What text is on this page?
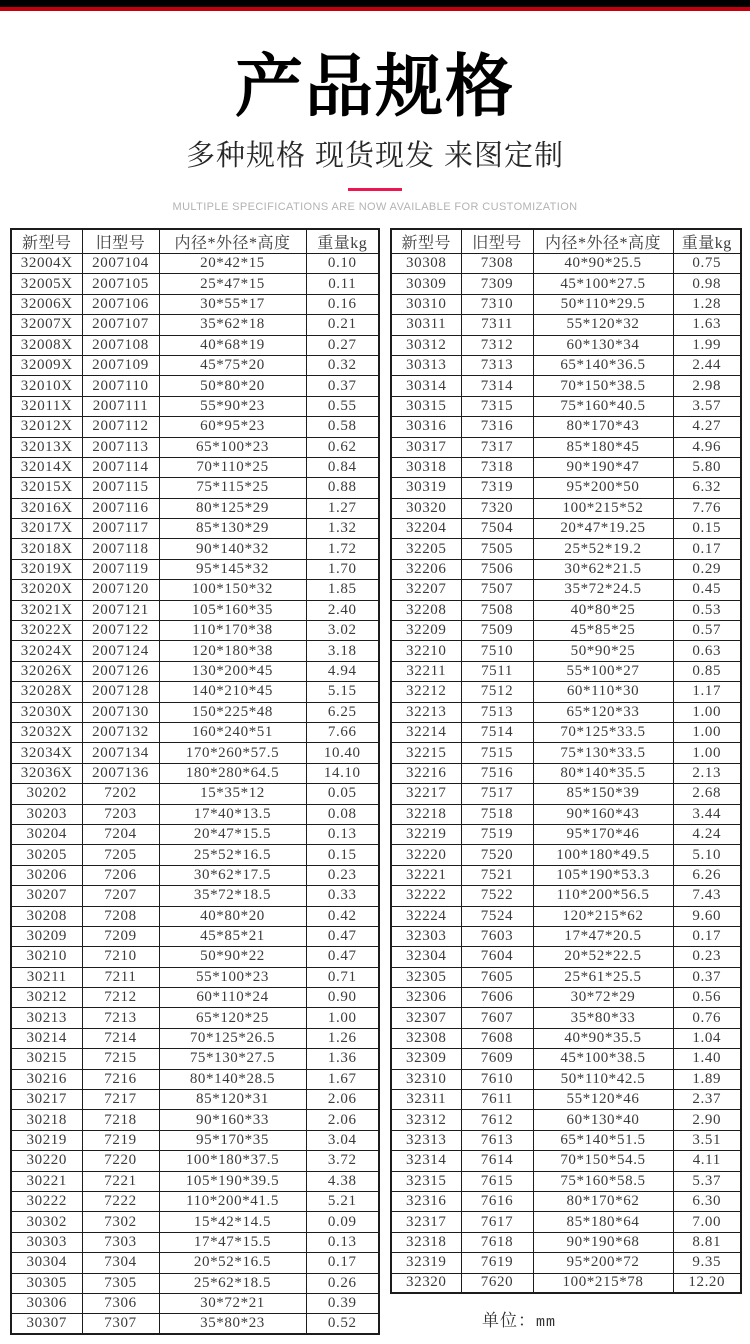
产品规格
多种规格 现货现发 来图定制
MULTIPLE SPECIFICATIONS ARE NOW AVAILABLE FOR CUSTOMIZATION
新型号	旧型号	内径*外径*高度	重量kg
32004X	2007104	20*42*15	0.10
32005X	2007105	25*47*15	0.11
32006X	2007106	30*55*17	0.16
32007X	2007107	35*62*18	0.21
32008X	2007108	40*68*19	0.27
32009X	2007109	45*75*20	0.32
32010X	2007110	50*80*20	0.37
32011X	2007111	55*90*23	0.55
32012X	2007112	60*95*23	0.58
32013X	2007113	65*100*23	0.62
32014X	2007114	70*110*25	0.84
32015X	2007115	75*115*25	0.88
32016X	2007116	80*125*29	1.27
32017X	2007117	85*130*29	1.32
32018X	2007118	90*140*32	1.72
32019X	2007119	95*145*32	1.70
32020X	2007120	100*150*32	1.85
32021X	2007121	105*160*35	2.40
32022X	2007122	110*170*38	3.02
32024X	2007124	120*180*38	3.18
32026X	2007126	130*200*45	4.94
32028X	2007128	140*210*45	5.15
32030X	2007130	150*225*48	6.25
32032X	2007132	160*240*51	7.66
32034X	2007134	170*260*57.5	10.40
32036X	2007136	180*280*64.5	14.10
30202	7202	15*35*12	0.05
30203	7203	17*40*13.5	0.08
30204	7204	20*47*15.5	0.13
30205	7205	25*52*16.5	0.15
30206	7206	30*62*17.5	0.23
30207	7207	35*72*18.5	0.33
30208	7208	40*80*20	0.42
30209	7209	45*85*21	0.47
30210	7210	50*90*22	0.47
30211	7211	55*100*23	0.71
30212	7212	60*110*24	0.90
30213	7213	65*120*25	1.00
30214	7214	70*125*26.5	1.26
30215	7215	75*130*27.5	1.36
30216	7216	80*140*28.5	1.67
30217	7217	85*120*31	2.06
30218	7218	90*160*33	2.06
30219	7219	95*170*35	3.04
30220	7220	100*180*37.5	3.72
30221	7221	105*190*39.5	4.38
30222	7222	110*200*41.5	5.21
30302	7302	15*42*14.5	0.09
30303	7303	17*47*15.5	0.13
30304	7304	20*52*16.5	0.17
30305	7305	25*62*18.5	0.26
30306	7306	30*72*21	0.39
30307	7307	35*80*23	0.52
新型号	旧型号	内径*外径*高度	重量kg
30308	7308	40*90*25.5	0.75
30309	7309	45*100*27.5	0.98
30310	7310	50*110*29.5	1.28
30311	7311	55*120*32	1.63
30312	7312	60*130*34	1.99
30313	7313	65*140*36.5	2.44
30314	7314	70*150*38.5	2.98
30315	7315	75*160*40.5	3.57
30316	7316	80*170*43	4.27
30317	7317	85*180*45	4.96
30318	7318	90*190*47	5.80
30319	7319	95*200*50	6.32
30320	7320	100*215*52	7.76
32204	7504	20*47*19.25	0.15
32205	7505	25*52*19.2	0.17
32206	7506	30*62*21.5	0.29
32207	7507	35*72*24.5	0.45
32208	7508	40*80*25	0.53
32209	7509	45*85*25	0.57
32210	7510	50*90*25	0.63
32211	7511	55*100*27	0.85
32212	7512	60*110*30	1.17
32213	7513	65*120*33	1.00
32214	7514	70*125*33.5	1.00
32215	7515	75*130*33.5	1.00
32216	7516	80*140*35.5	2.13
32217	7517	85*150*39	2.68
32218	7518	90*160*43	3.44
32219	7519	95*170*46	4.24
32220	7520	100*180*49.5	5.10
32221	7521	105*190*53.3	6.26
32222	7522	110*200*56.5	7.43
32224	7524	120*215*62	9.60
32303	7603	17*47*20.5	0.17
32304	7604	20*52*22.5	0.23
32305	7605	25*61*25.5	0.37
32306	7606	30*72*29	0.56
32307	7607	35*80*33	0.76
32308	7608	40*90*35.5	1.04
32309	7609	45*100*38.5	1.40
32310	7610	50*110*42.5	1.89
32311	7611	55*120*46	2.37
32312	7612	60*130*40	2.90
32313	7613	65*140*51.5	3.51
32314	7614	70*150*54.5	4.11
32315	7615	75*160*58.5	5.37
32316	7616	80*170*62	6.30
32317	7617	85*180*64	7.00
32318	7618	90*190*68	8.81
32319	7619	95*200*72	9.35
32320	7620	100*215*78	12.20
单位：mm
